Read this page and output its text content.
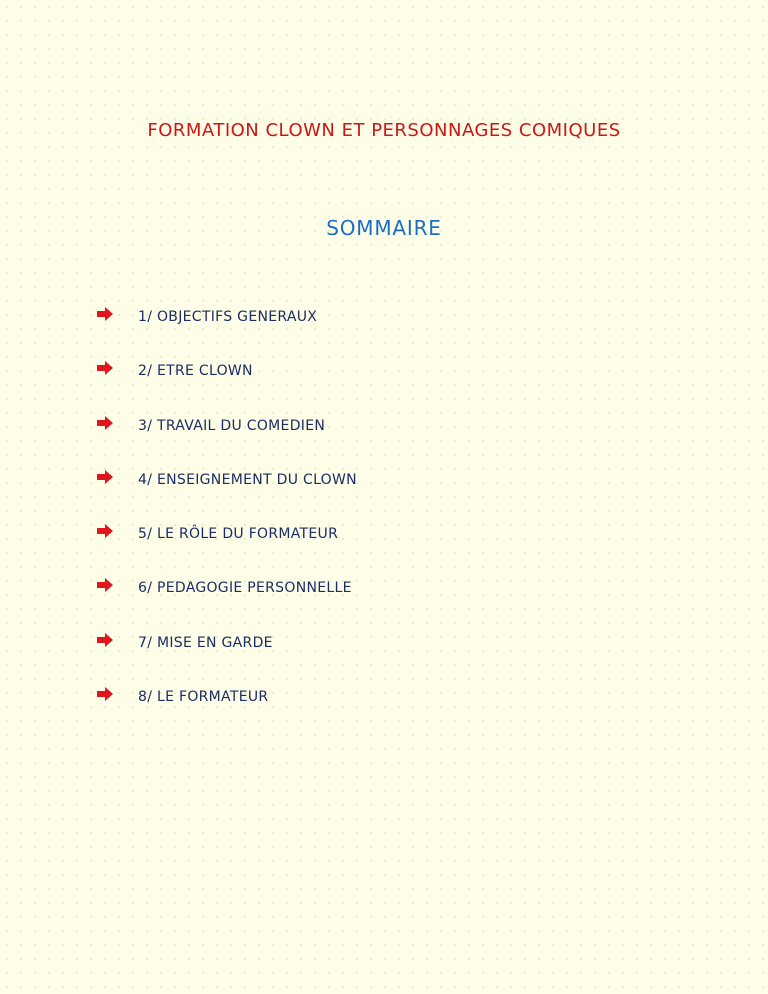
FORMATION CLOWN ET PERSONNAGES COMIQUES
SOMMAIRE
1/ OBJECTIFS GENERAUX
2/ ETRE CLOWN
3/ TRAVAIL DU COMEDIEN
4/ ENSEIGNEMENT DU CLOWN
5/ LE RÔLE DU FORMATEUR
6/ PEDAGOGIE PERSONNELLE
7/ MISE EN GARDE
8/ LE FORMATEUR
